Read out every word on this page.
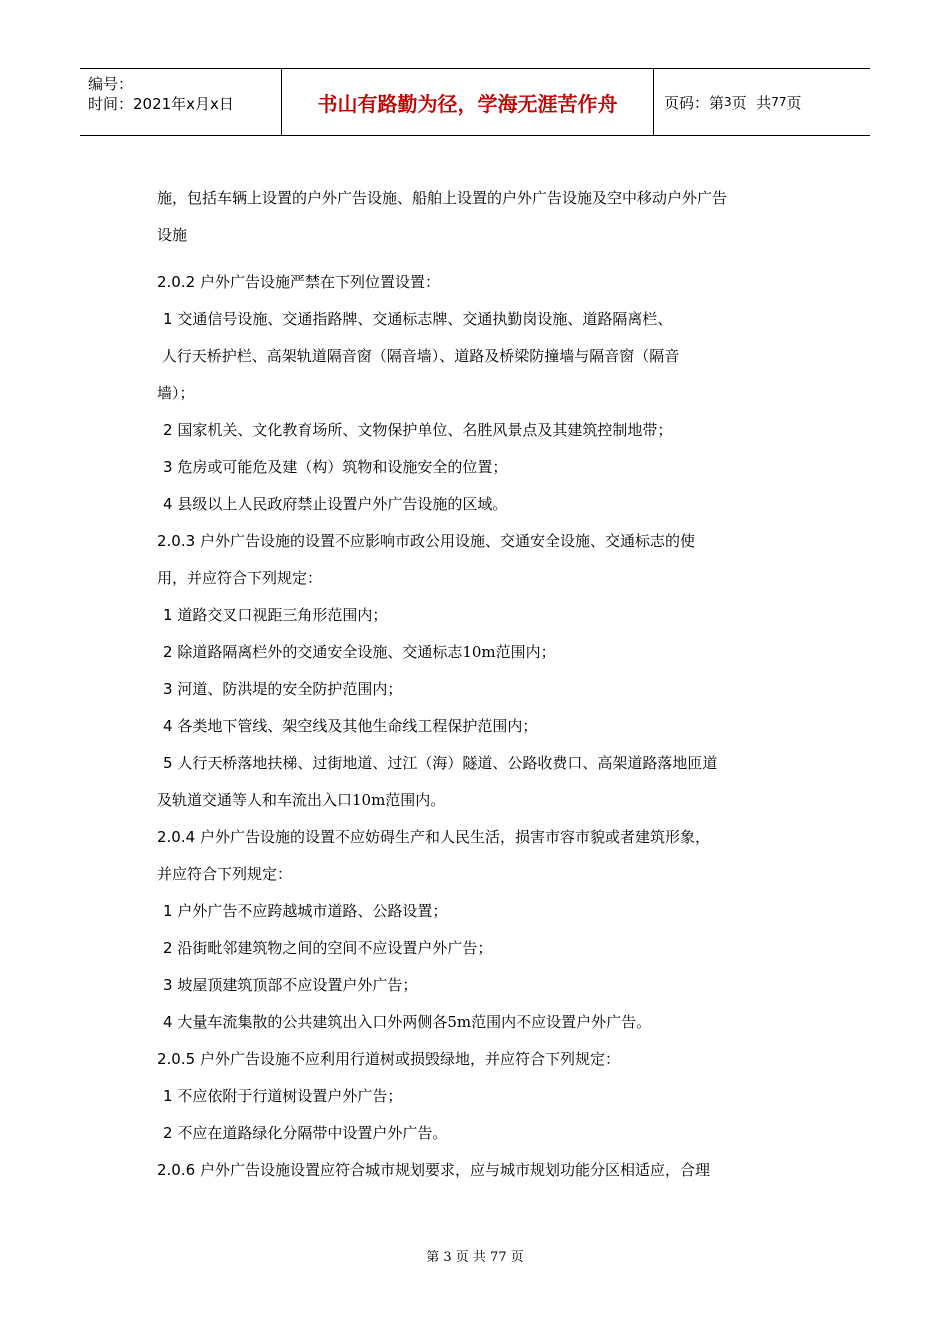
编号：
时间：2021年x月x日	书山有路勤为径，学海无涯苦作舟	页码：第 3 页  共 77 页
施，包括车辆上设置的户外广告设施、船舶上设置的户外广告设施及空中移动户外广告
设施
2.0.2 户外广告设施严禁在下列位置设置：
1 交通信号设施、交通指路牌、交通标志牌、交通执勤岗设施、道路隔离栏、
人行天桥护栏、高架轨道隔音窗（隔音墙）、道路及桥梁防撞墙与隔音窗（隔音
墙）；
2 国家机关、文化教育场所、文物保护单位、名胜风景点及其建筑控制地带；
3 危房或可能危及建（构）筑物和设施安全的位置；
4 县级以上人民政府禁止设置户外广告设施的区域。
2.0.3 户外广告设施的设置不应影响市政公用设施、交通安全设施、交通标志的使
用，并应符合下列规定：
1 道路交叉口视距三角形范围内；
2 除道路隔离栏外的交通安全设施、交通标志10m范围内；
3 河道、防洪堤的安全防护范围内；
4 各类地下管线、架空线及其他生命线工程保护范围内；
5 人行天桥落地扶梯、过街地道、过江（海）隧道、公路收费口、高架道路落地匝道
及轨道交通等人和车流出入口10m范围内。
2.0.4 户外广告设施的设置不应妨碍生产和人民生活，损害市容市貌或者建筑形象，
并应符合下列规定：
1 户外广告不应跨越城市道路、公路设置；
2 沿街毗邻建筑物之间的空间不应设置户外广告；
3 坡屋顶建筑顶部不应设置户外广告；
4 大量车流集散的公共建筑出入口外两侧各5m范围内不应设置户外广告。
2.0.5 户外广告设施不应利用行道树或损毁绿地，并应符合下列规定：
1 不应依附于行道树设置户外广告；
2 不应在道路绿化分隔带中设置户外广告。
2.0.6 户外广告设施设置应符合城市规划要求，应与城市规划功能分区相适应，合理
第 3 页 共 77 页
